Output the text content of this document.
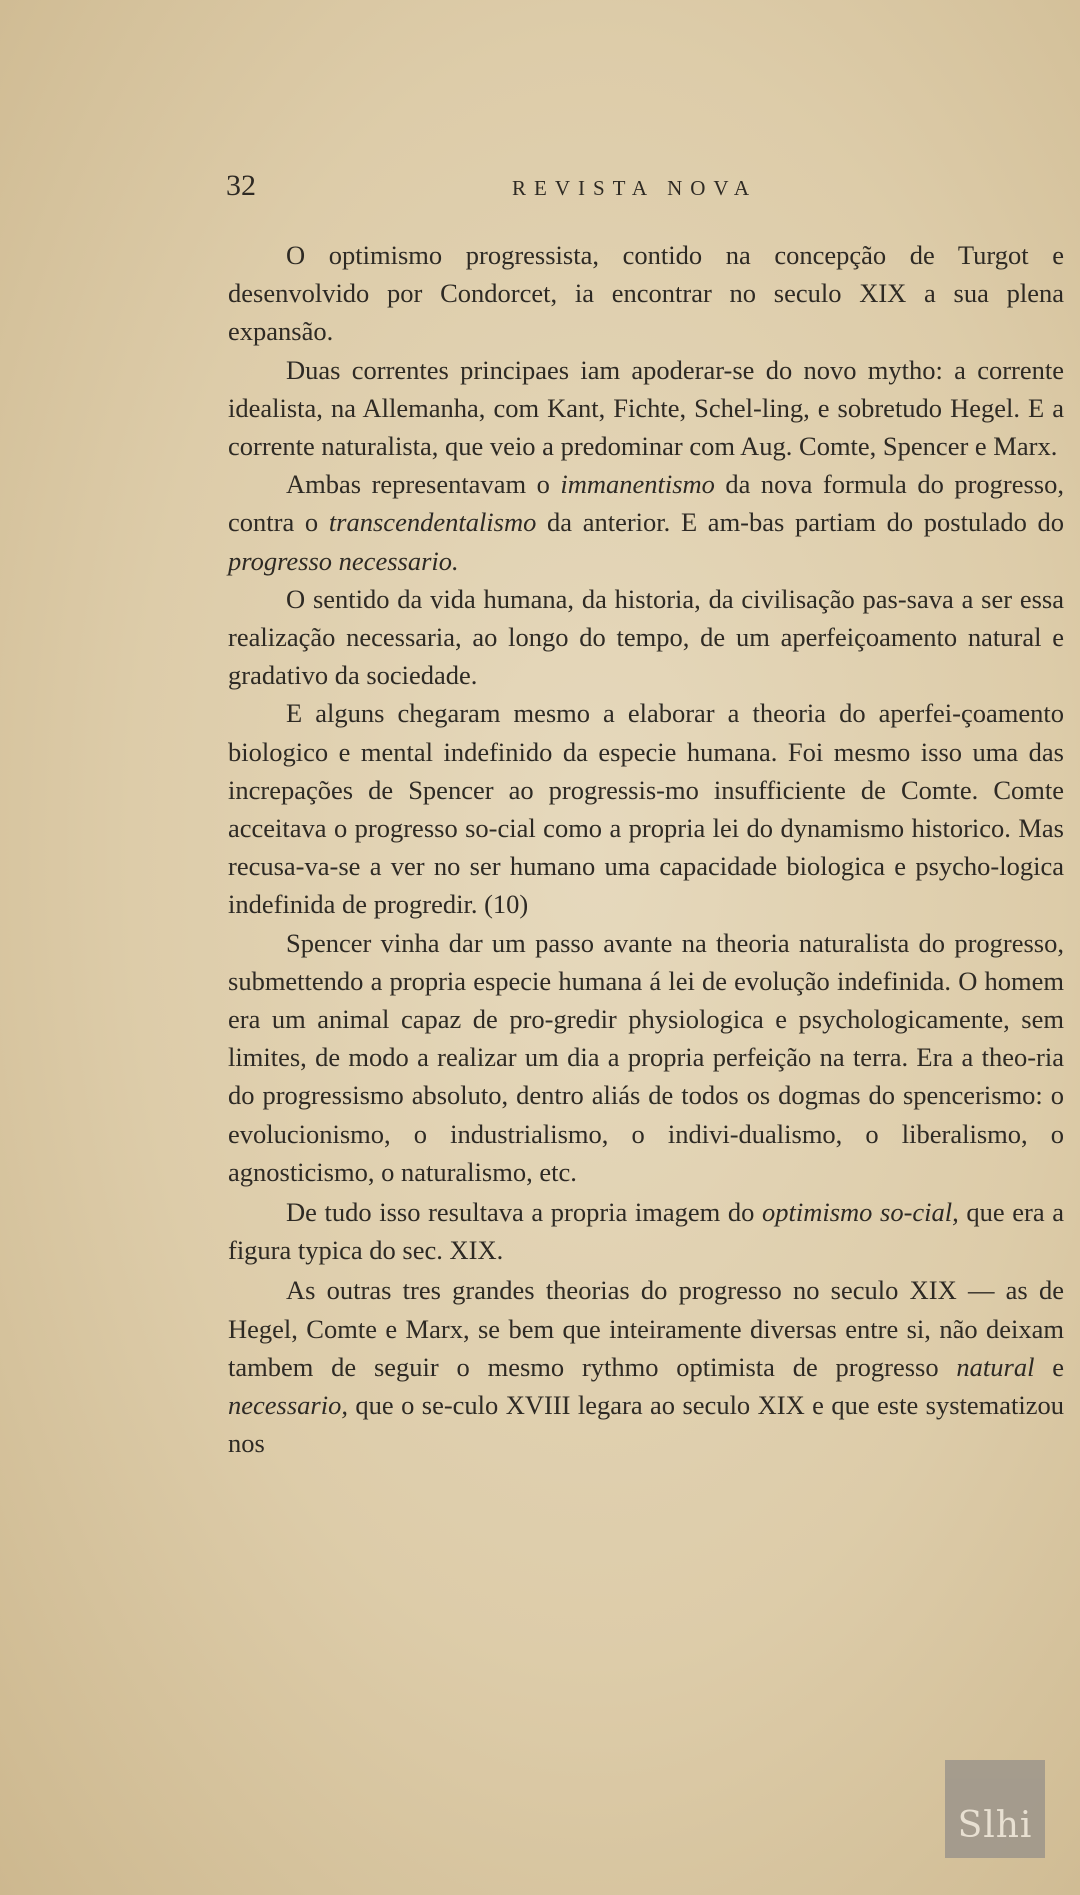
32	REVISTA NOVA

O optimismo progressista, contido na concepção de Turgot e desenvolvido por Condorcet, ia encontrar no seculo XIX a sua plena expansão.

Duas correntes principaes iam apoderar-se do novo mytho: a corrente idealista, na Allemanha, com Kant, Fichte, Schel-ling, e sobretudo Hegel. E a corrente naturalista, que veio a predominar com Aug. Comte, Spencer e Marx.

Ambas representavam o immanentismo da nova formula do progresso, contra o transcendentalismo da anterior. E am-bas partiam do postulado do progresso necessario.

O sentido da vida humana, da historia, da civilisação pas-sava a ser essa realização necessaria, ao longo do tempo, de um aperfeiçoamento natural e gradativo da sociedade.

E alguns chegaram mesmo a elaborar a theoria do aperfei-çoamento biologico e mental indefinido da especie humana. Foi mesmo isso uma das increpações de Spencer ao progressis-mo insufficiente de Comte. Comte acceitava o progresso so-cial como a propria lei do dynamismo historico. Mas recusa-va-se a ver no ser humano uma capacidade biologica e psycho-logica indefinida de progredir. (10)

Spencer vinha dar um passo avante na theoria naturalista do progresso, submettendo a propria especie humana á lei de evolução indefinida. O homem era um animal capaz de pro-gredir physiologica e psychologicamente, sem limites, de modo a realizar um dia a propria perfeição na terra. Era a theo-ria do progressismo absoluto, dentro aliás de todos os dogmas do spencerismo: o evolucionismo, o industrialismo, o indivi-dualismo, o liberalismo, o agnosticismo, o naturalismo, etc.

De tudo isso resultava a propria imagem do optimismo so-cial, que era a figura typica do sec. XIX.

As outras tres grandes theorias do progresso no seculo XIX — as de Hegel, Comte e Marx, se bem que inteiramente diversas entre si, não deixam tambem de seguir o mesmo rythmo optimista de progresso natural e necessario, que o se-culo XVIII legara ao seculo XIX e que este systematizou nos

Slhi
